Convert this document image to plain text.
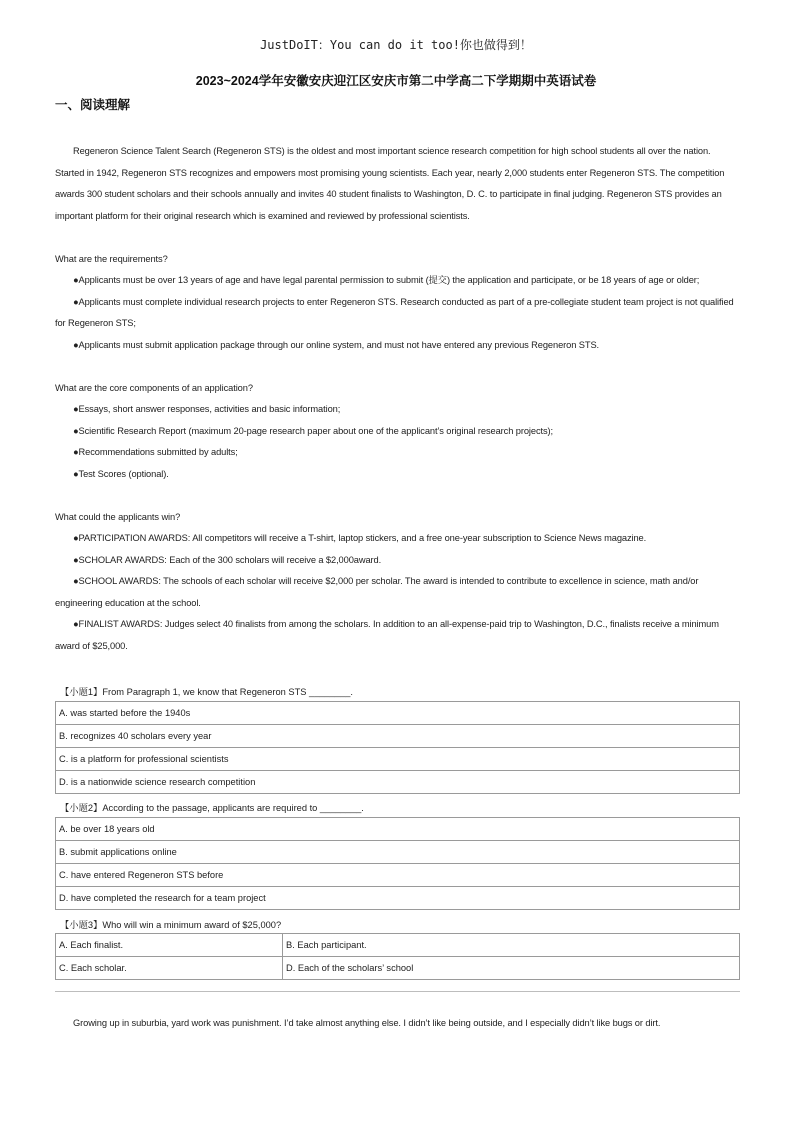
JustDoIT：You can do it too!你也做得到！
2023~2024学年安徽安庆迎江区安庆市第二中学高二下学期期中英语试卷
一、阅读理解

Regeneron Science Talent Search (Regeneron STS) is the oldest and most important science research competition for high school students all over the nation. Started in 1942, Regeneron STS recognizes and empowers most promising young scientists. Each year, nearly 2,000 students enter Regeneron STS. The competition awards 300 student scholars and their schools annually and invites 40 student finalists to Washington, D. C. to participate in final judging. Regeneron STS provides an important platform for their original research which is examined and reviewed by professional scientists.

What are the requirements?

●Applicants must be over 13 years of age and have legal parental permission to submit (提交) the application and participate, or be 18 years of age or older;

●Applicants must complete individual research projects to enter Regeneron STS. Research conducted as part of a pre-collegiate student team project is not qualified for Regeneron STS;

●Applicants must submit application package through our online system, and must not have entered any previous Regeneron STS.

What are the core components of an application?

●Essays, short answer responses, activities and basic information;

●Scientific Research Report (maximum 20-page research paper about one of the applicant’s original research projects);

●Recommendations submitted by adults;

●Test Scores (optional).

What could the applicants win?

●PARTICIPATION AWARDS: All competitors will receive a T-shirt, laptop stickers, and a free one-year subscription to Science News magazine.

●SCHOLAR AWARDS: Each of the 300 scholars will receive a $2,000award.

●SCHOOL AWARDS: The schools of each scholar will receive $2,000 per scholar. The award is intended to contribute to excellence in science, math and/or engineering education at the school.

●FINALIST AWARDS: Judges select 40 finalists from among the scholars. In addition to an all-expense-paid trip to Washington, D.C., finalists receive a minimum award of $25,000.

【小题1】From Paragraph 1, we know that Regeneron STS ________.
A. was started before the 1940s
B. recognizes 40 scholars every year
C. is a platform for professional scientists
D. is a nationwide science research competition
【小题2】According to the passage, applicants are required to ________.
A. be over 18 years old
B. submit applications online
C. have entered Regeneron STS before
D. have completed the research for a team project
【小题3】Who will win a minimum award of $25,000?
A. Each finalist.	B. Each participant.
C. Each scholar.	D. Each of the scholars’ school

Growing up in suburbia, yard work was punishment. I’d take almost anything else. I didn’t like being outside, and I especially didn’t like bugs or dirt.
